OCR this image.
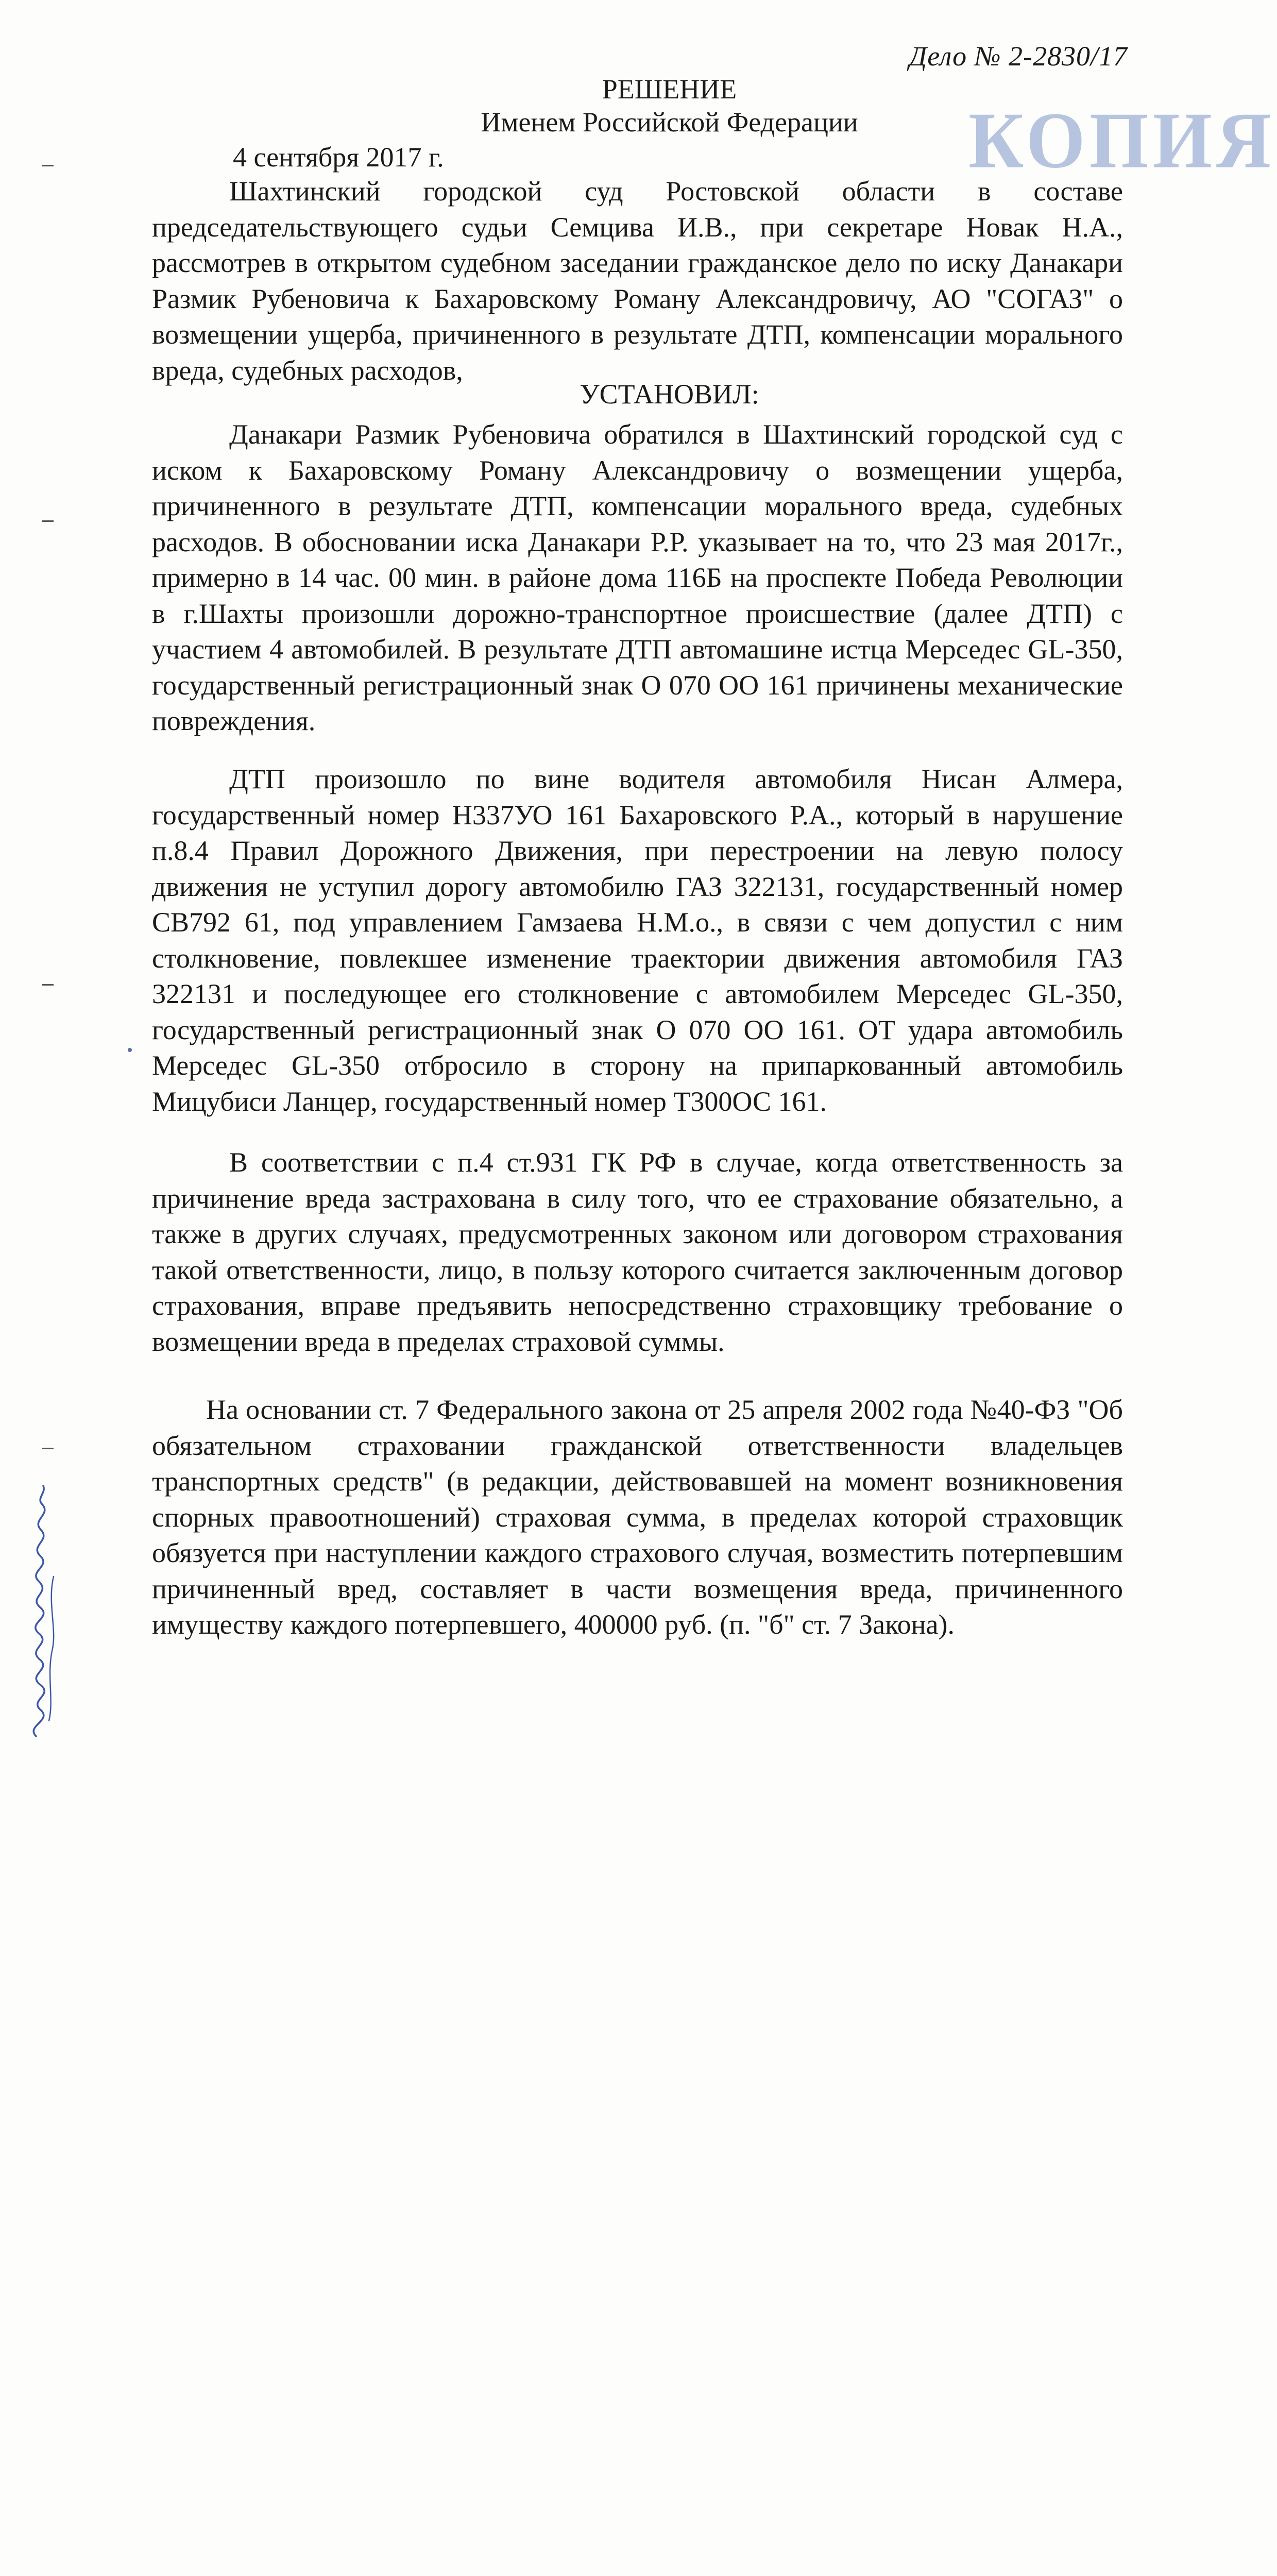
Дело № 2-2830/17
КОПИЯ
РЕШЕНИЕ
Именем Российской Федерации
4 сентября 2017 г.
Шахтинский городской суд Ростовской области в составе председательствующего судьи Семцива И.В., при секретаре Новак Н.А., рассмотрев в открытом судебном заседании гражданское дело по иску Данакари Размик Рубеновича к Бахаровскому Роману Александровичу, АО "СОГАЗ" о возмещении ущерба, причиненного в результате ДТП, компенсации морального вреда, судебных расходов,
УСТАНОВИЛ:
Данакари Размик Рубеновича обратился в Шахтинский городской суд с иском к Бахаровскому Роману Александровичу о возмещении ущерба, причиненного в результате ДТП, компенсации морального вреда, судебных расходов. В обосновании иска Данакари Р.Р. указывает на то, что 23 мая 2017г., примерно в 14 час. 00 мин. в районе дома 116Б на проспекте Победа Революции в г.Шахты произошли дорожно-транспортное происшествие (далее ДТП) с участием 4 автомобилей. В результате ДТП автомашине истца Мерседес GL-350, государственный регистрационный знак О 070 ОО 161 причинены механические повреждения.
ДТП произошло по вине водителя автомобиля Нисан Алмера, государственный номер Н337УО 161 Бахаровского Р.А., который в нарушение п.8.4 Правил Дорожного Движения, при перестроении на левую полосу движения не уступил дорогу автомобилю ГАЗ 322131, государственный номер СВ792 61, под управлением Гамзаева Н.М.о., в связи с чем допустил с ним столкновение, повлекшее изменение траектории движения автомобиля ГАЗ 322131 и последующее его столкновение с автомобилем Мерседес GL-350, государственный регистрационный знак О 070 ОО 161. ОТ удара автомобиль Мерседес GL-350 отбросило в сторону на припаркованный автомобиль Мицубиси Ланцер, государственный номер Т300ОС 161.
В соответствии с п.4 ст.931 ГК РФ в случае, когда ответственность за причинение вреда застрахована в силу того, что ее страхование обязательно, а также в других случаях, предусмотренных законом или договором страхования такой ответственности, лицо, в пользу которого считается заключенным договор страхования, вправе предъявить непосредственно страховщику требование о возмещении вреда в пределах страховой суммы.
На основании ст. 7 Федерального закона от 25 апреля 2002 года №40-ФЗ "Об обязательном страховании гражданской ответственности владельцев транспортных средств" (в редакции, действовавшей на момент возникновения спорных правоотношений) страховая сумма, в пределах которой страховщик обязуется при наступлении каждого страхового случая, возместить потерпевшим причиненный вред, составляет в части возмещения вреда, причиненного имуществу каждого потерпевшего, 400000 руб. (п. "б" ст. 7 Закона).
